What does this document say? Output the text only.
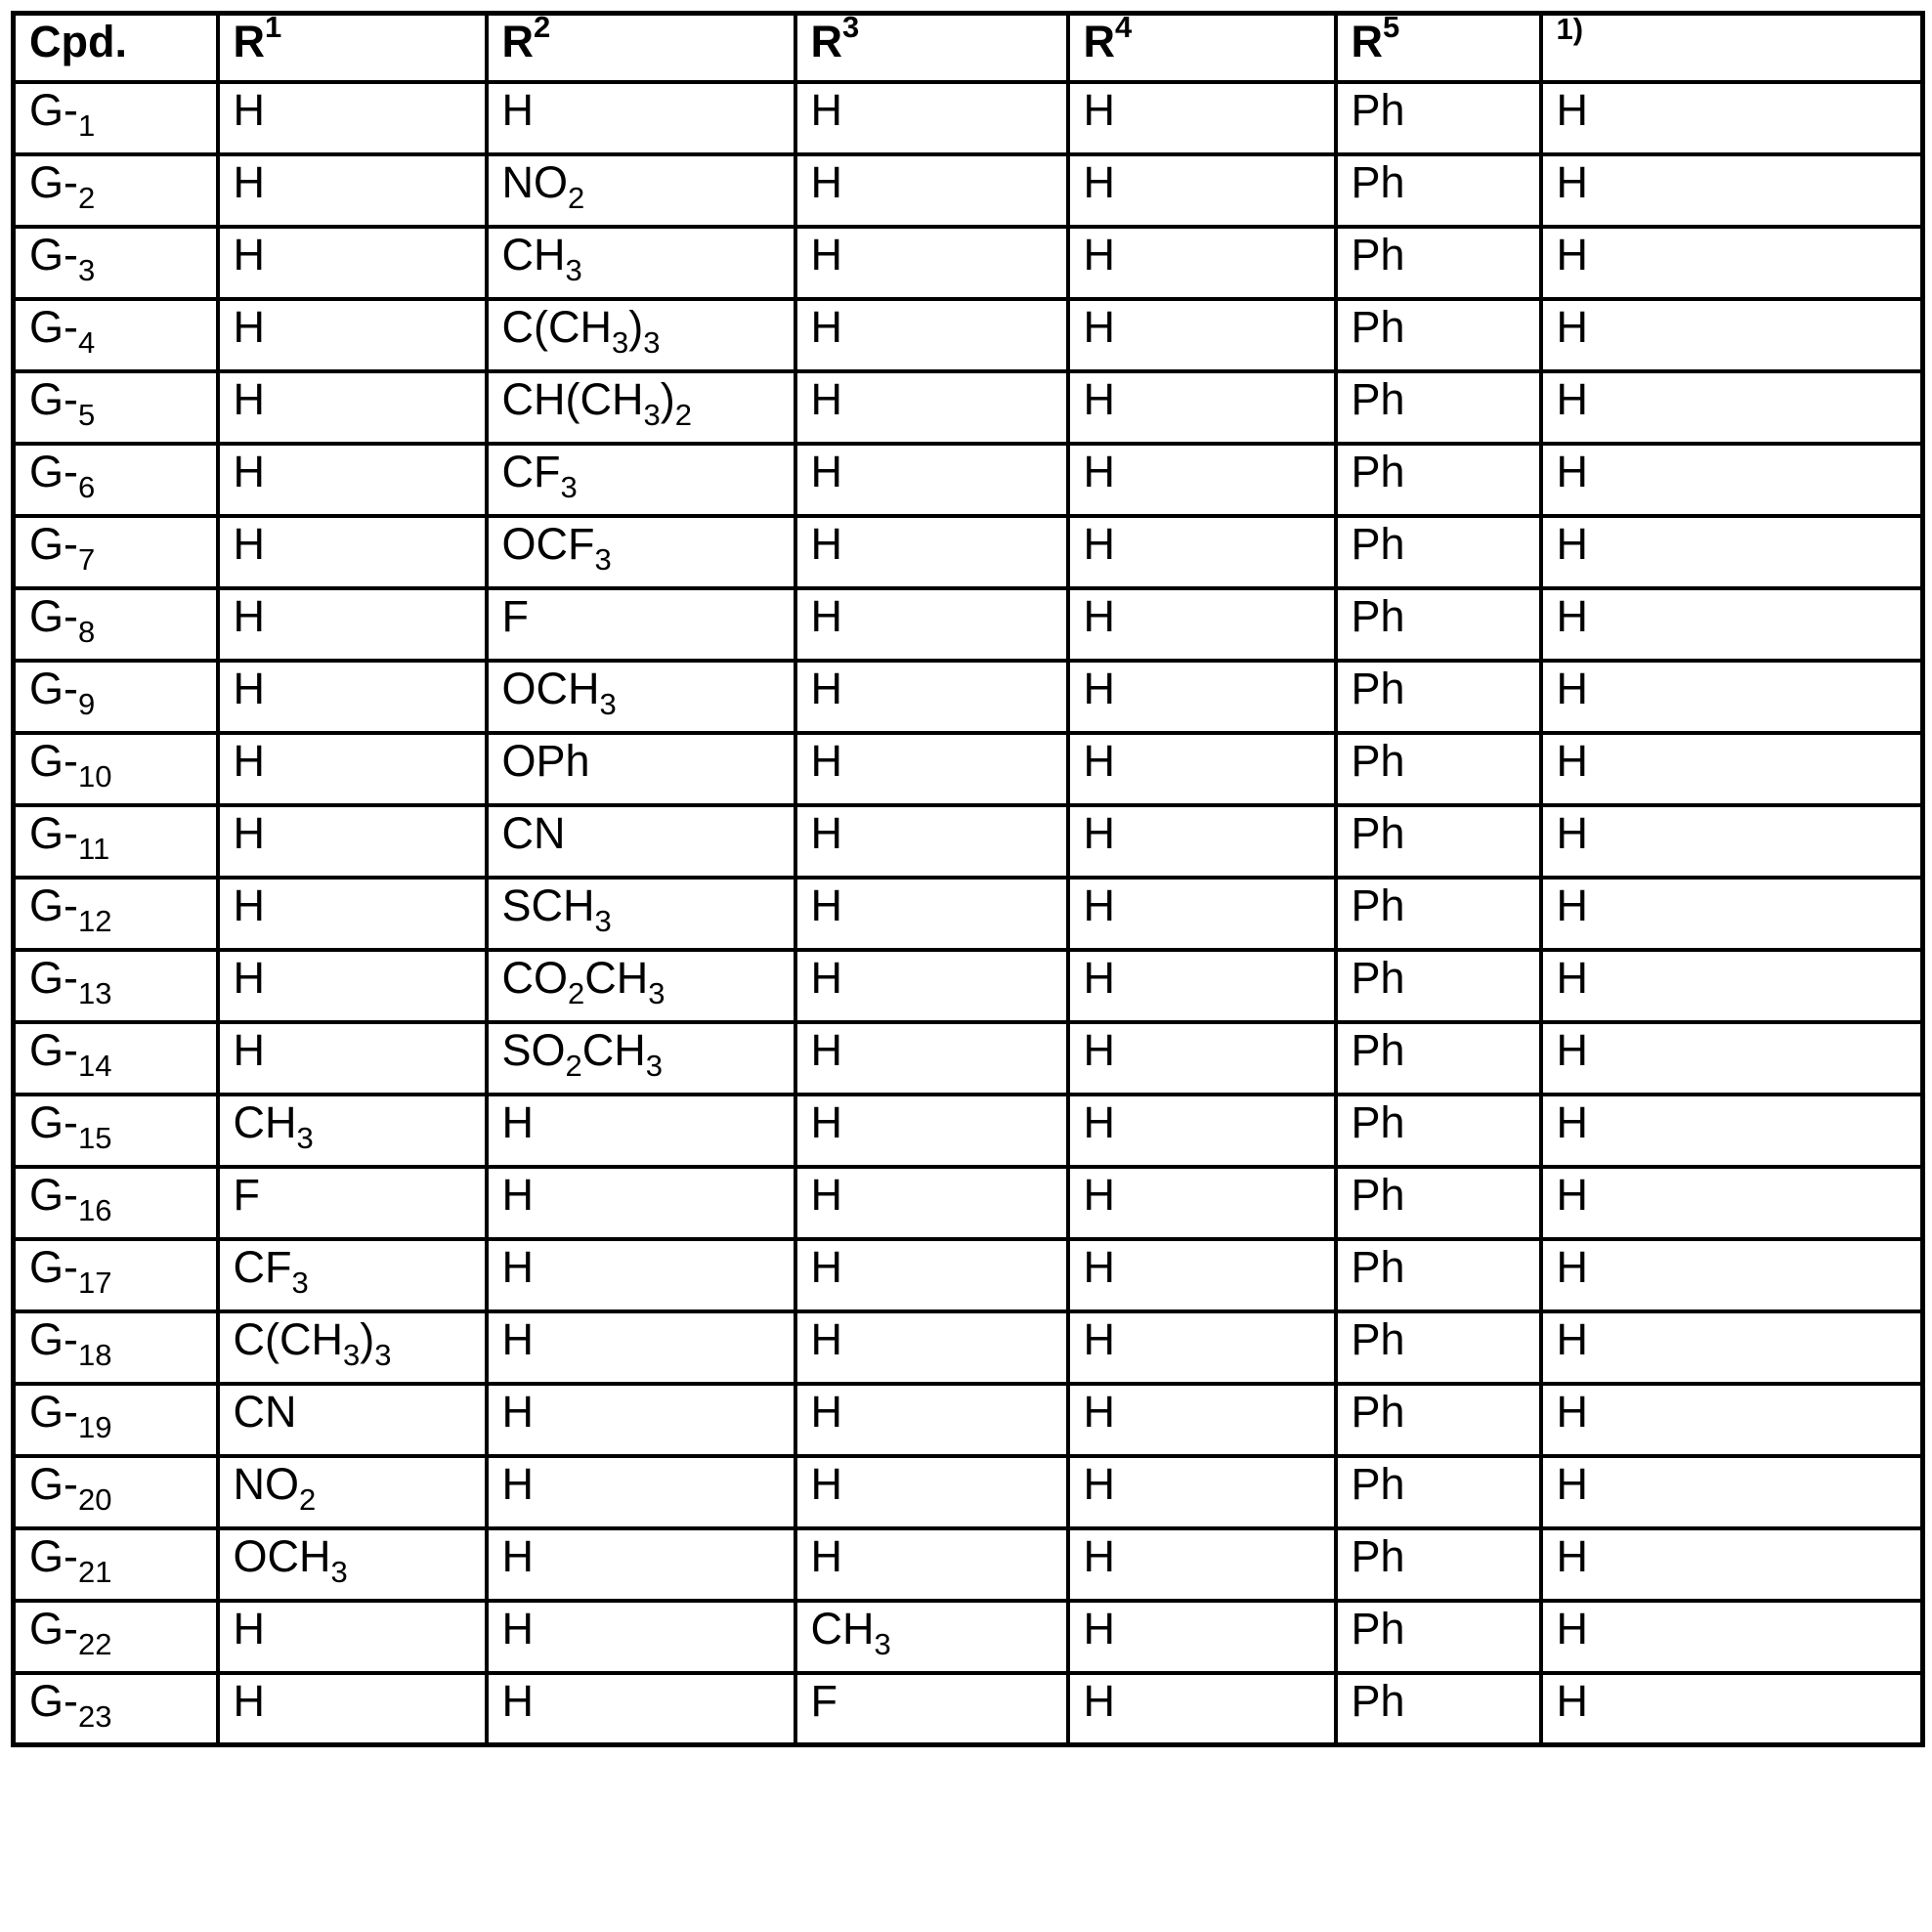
Cpd.	$R^1$	$R^2$	$R^3$	$R^4$	$R^5$	1)
$G-_1$	H	H	H	H	Ph	H
$G-_2$	H	$NO_2$	H	H	Ph	H
$G-_3$	H	$CH_3$	H	H	Ph	H
$G-_4$	H	$C(CH_3)_3$	H	H	Ph	H
$G-_5$	H	$CH(CH_3)_2$	H	H	Ph	H
$G-_6$	H	$CF_3$	H	H	Ph	H
$G-_7$	H	$OCF_3$	H	H	Ph	H
$G-_8$	H	F	H	H	Ph	H
$G-_9$	H	$OCH_3$	H	H	Ph	H
$G-_{10}$	H	OPh	H	H	Ph	H
$G-_{11}$	H	CN	H	H	Ph	H
$G-_{12}$	H	$SCH_3$	H	H	Ph	H
$G-_{13}$	H	$CO_2CH_3$	H	H	Ph	H
$G-_{14}$	H	$SO_2CH_3$	H	H	Ph	H
$G-_{15}$	$CH_3$	H	H	H	Ph	H
$G-_{16}$	F	H	H	H	Ph	H
$G-_{17}$	$CF_3$	H	H	H	Ph	H
$G-_{18}$	$C(CH_3)_3$	H	H	H	Ph	H
$G-_{19}$	CN	H	H	H	Ph	H
$G-_{20}$	$NO_2$	H	H	H	Ph	H
$G-_{21}$	$OCH_3$	H	H	H	Ph	H
$G-_{22}$	H	H	$CH_3$	H	Ph	H
$G-_{23}$	H	H	F	H	Ph	H
